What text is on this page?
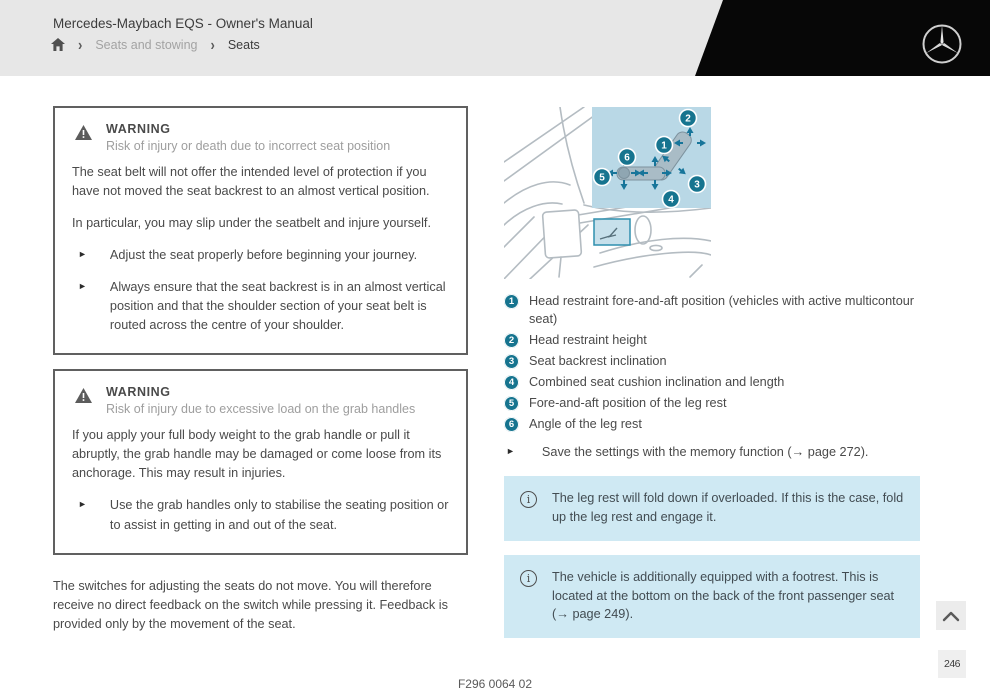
Mercedes-Maybach EQS - Owner's Manual
› Seats and stowing › Seats
WARNING
Risk of injury or death due to incorrect seat position
The seat belt will not offer the intended level of protection if you have not moved the seat backrest to an almost vertical position.
In particular, you may slip under the seatbelt and injure yourself.
► Adjust the seat properly before beginning your journey.
► Always ensure that the seat backrest is in an almost vertical position and that the shoulder section of your seat belt is routed across the centre of your shoulder.
WARNING
Risk of injury due to excessive load on the grab handles
If you apply your full body weight to the grab handle or pull it abruptly, the grab handle may be damaged or come loose from its anchorage. This may result in injuries.
► Use the grab handles only to stabilise the seating position or to assist in getting in and out of the seat.
The switches for adjusting the seats do not move. You will therefore receive no direct feedback on the switch while pressing it. Feedback is provided only by the movement of the seat.
1
2
3
4
5
6
1	Head restraint fore-and-aft position (vehicles with active multicontour seat)
2	Head restraint height
3	Seat backrest inclination
4	Combined seat cushion inclination and length
5	Fore-and-aft position of the leg rest
6	Angle of the leg rest
► Save the settings with the memory function (→ page 272).
i	The leg rest will fold down if overloaded. If this is the case, fold up the leg rest and engage it.
i	The vehicle is additionally equipped with a footrest. This is located at the bottom on the back of the front passenger seat (→ page 249).
F296 0064 02
246
